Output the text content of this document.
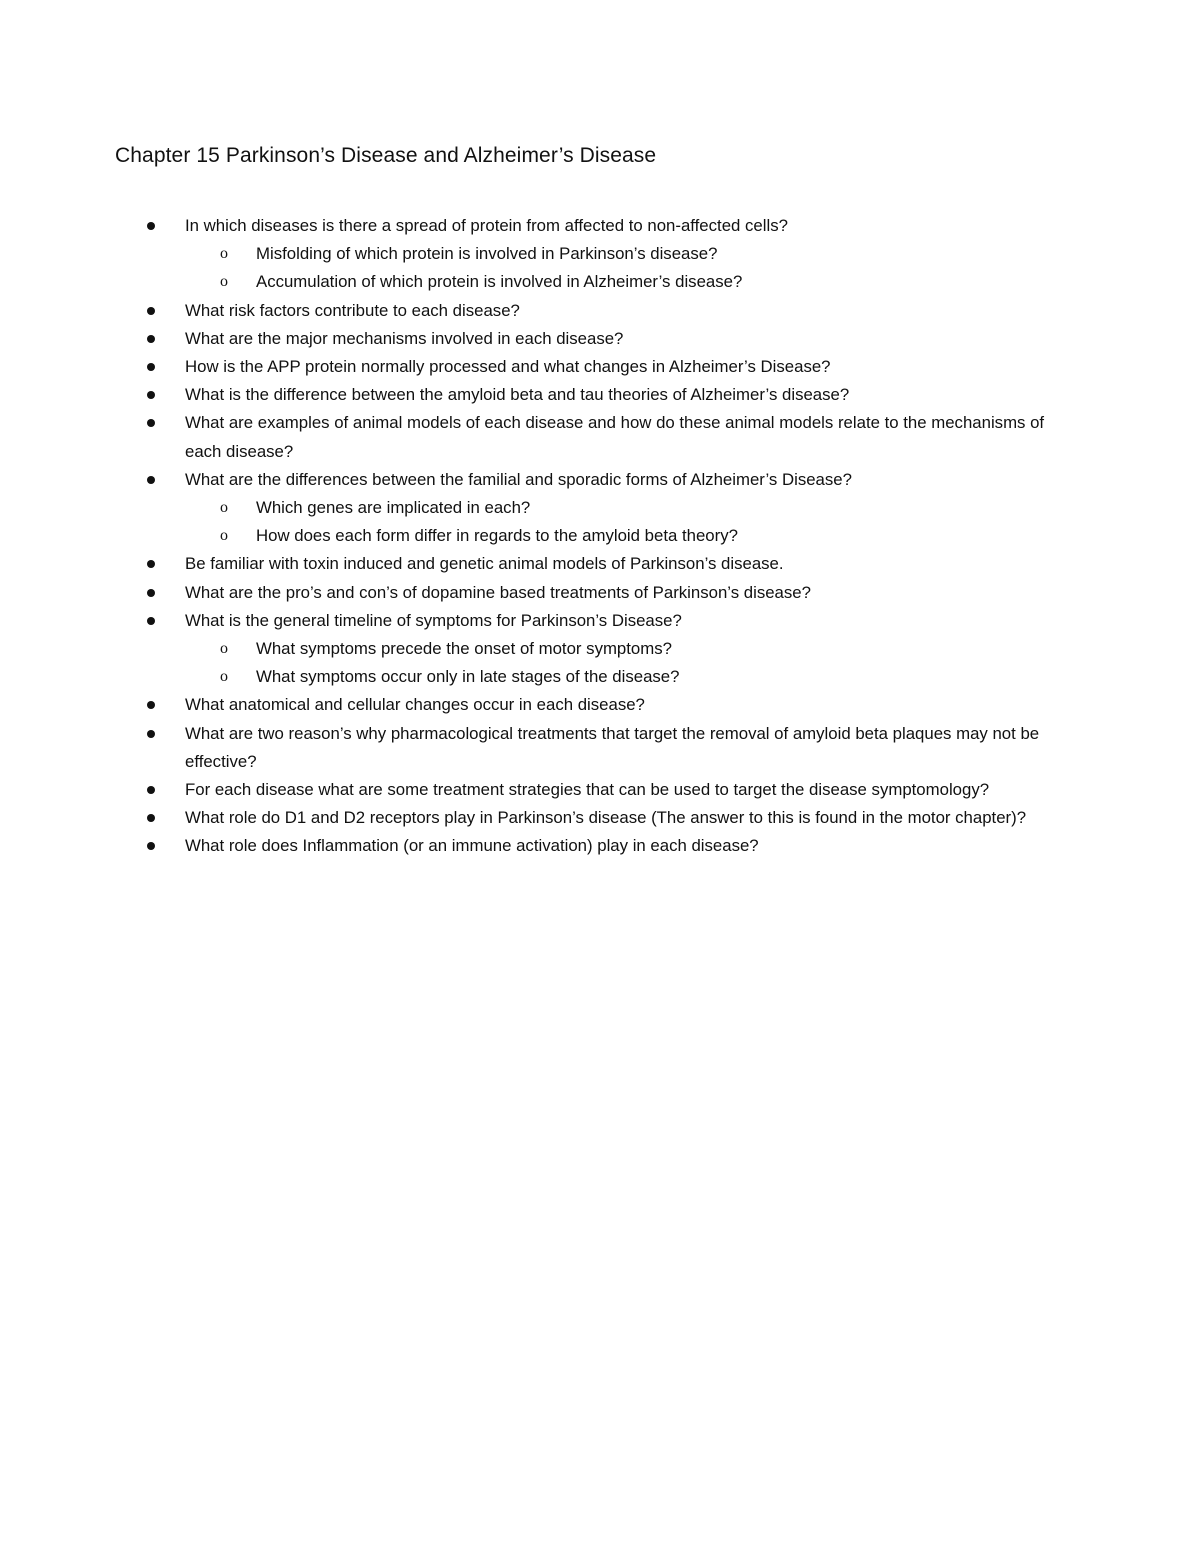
Chapter 15 Parkinson’s Disease and Alzheimer’s Disease
In which diseases is there a spread of protein from affected to non-affected cells?
o Misfolding of which protein is involved in Parkinson’s disease?
o Accumulation of which protein is involved in Alzheimer’s disease?
What risk factors contribute to each disease?
What are the major mechanisms involved in each disease?
How is the APP protein normally processed and what changes in Alzheimer’s Disease?
What is the difference between the amyloid beta and tau theories of Alzheimer’s disease?
What are examples of animal models of each disease and how do these animal models relate to the mechanisms of each disease?
What are the differences between the familial and sporadic forms of Alzheimer’s Disease?
o Which genes are implicated in each?
o How does each form differ in regards to the amyloid beta theory?
Be familiar with toxin induced and genetic animal models of Parkinson’s disease.
What are the pro’s and con’s of dopamine based treatments of Parkinson’s disease?
What is the general timeline of symptoms for Parkinson’s Disease?
o What symptoms precede the onset of motor symptoms?
o What symptoms occur only in late stages of the disease?
What anatomical and cellular changes occur in each disease?
What are two reason’s why pharmacological treatments that target the removal of amyloid beta plaques may not be effective?
For each disease what are some treatment strategies that can be used to target the disease symptomology?
What role do D1 and D2 receptors play in Parkinson’s disease (The answer to this is found in the motor chapter)?
What role does Inflammation (or an immune activation) play in each disease?
